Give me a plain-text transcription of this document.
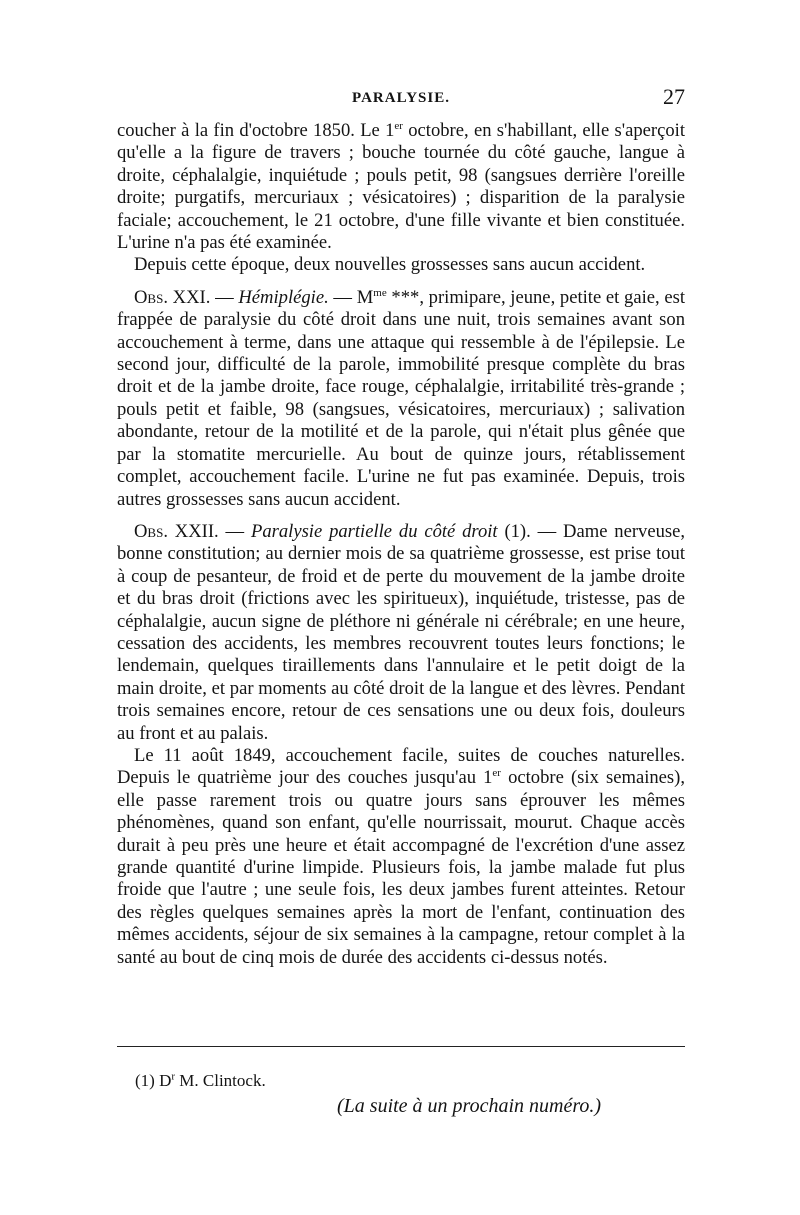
PARALYSIE.	27

coucher à la fin d'octobre 1850. Le 1er octobre, en s'habillant, elle s'aperçoit qu'elle a la figure de travers ; bouche tournée du côté gauche, langue à droite, céphalalgie, inquiétude ; pouls petit, 98 (sangsues derrière l'oreille droite; purgatifs, mercuriaux ; vésicatoires) ; disparition de la paralysie faciale; accouchement, le 21 octobre, d'une fille vivante et bien constituée. L'urine n'a pas été examinée.

Depuis cette époque, deux nouvelles grossesses sans aucun accident.

Obs. XXI. — Hémiplégie. — $M^{me}$ ***, primipare, jeune, petite et gaie, est frappée de paralysie du côté droit dans une nuit, trois semaines avant son accouchement à terme, dans une attaque qui ressemble à de l'épilepsie. Le second jour, difficulté de la parole, immobilité presque complète du bras droit et de la jambe droite, face rouge, céphalalgie, irritabilité très-grande ; pouls petit et faible, 98 (sangsues, vésicatoires, mercuriaux) ; salivation abondante, retour de la motilité et de la parole, qui n'était plus gênée que par la stomatite mercurielle. Au bout de quinze jours, rétablissement complet, accouchement facile. L'urine ne fut pas examinée. Depuis, trois autres grossesses sans aucun accident.

Obs. XXII. — Paralysie partielle du côté droit (1). — Dame nerveuse, bonne constitution; au dernier mois de sa quatrième grossesse, est prise tout à coup de pesanteur, de froid et de perte du mouvement de la jambe droite et du bras droit (frictions avec les spiritueux), inquiétude, tristesse, pas de céphalalgie, aucun signe de pléthore ni générale ni cérébrale; en une heure, cessation des accidents, les membres recouvrent toutes leurs fonctions; le lendemain, quelques tiraillements dans l'annulaire et le petit doigt de la main droite, et par moments au côté droit de la langue et des lèvres. Pendant trois semaines encore, retour de ces sensations une ou deux fois, douleurs au front et au palais.

Le 11 août 1849, accouchement facile, suites de couches naturelles. Depuis le quatrième jour des couches jusqu'au 1er octobre (six semaines), elle passe rarement trois ou quatre jours sans éprouver les mêmes phénomènes, quand son enfant, qu'elle nourrissait, mourut. Chaque accès durait à peu près une heure et était accompagné de l'excrétion d'une assez grande quantité d'urine limpide. Plusieurs fois, la jambe malade fut plus froide que l'autre ; une seule fois, les deux jambes furent atteintes. Retour des règles quelques semaines après la mort de l'enfant, continuation des mêmes accidents, séjour de six semaines à la campagne, retour complet à la santé au bout de cinq mois de durée des accidents ci-dessus notés.

(1) $D^r$ M. Clintock.
(La suite à un prochain numéro.)
